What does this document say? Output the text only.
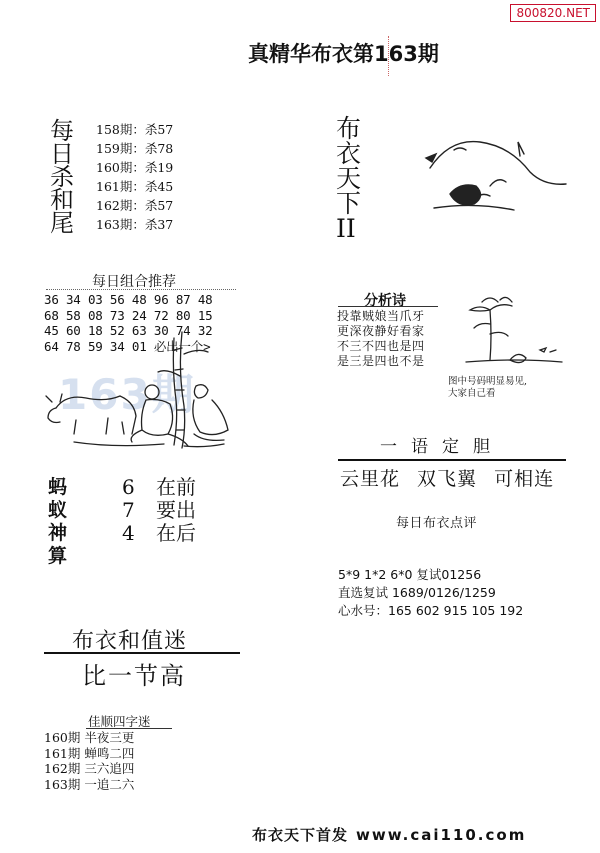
800820.NET
真精华布衣第163期
每
日
杀
和
尾
158期：杀57
159期：杀78
160期：杀19
161期：杀45
162期：杀57
163期：杀37
每日组合推荐
36 34 03 56 48 96 87 48
68 58 08 73 24 72 80 15
45 60 18 52 63 30 74 32
64 78 59 34 01 必出一个>
163期
蚂
蚁
神
算
6 在前
7 要出
4 在后
布衣和值迷
比一节高
佳顺四字迷
160期 半夜三更
161期 蝉鸣二四
162期 三六追四
163期 一追二六
布
衣
天
下
II
分析诗
投靠贼娘当爪牙
更深夜静好看家
不三不四也是四
是三是四也不是
图中号码明显易见,
大家自己看
一语定胆
云里花 双飞翼 可相连
每日布衣点评
5*9 1*2 6*0 复试01256
直选复试 1689/0126/1259
心水号：165 602 915 105 192
布衣天下首发 www.cai110.com
